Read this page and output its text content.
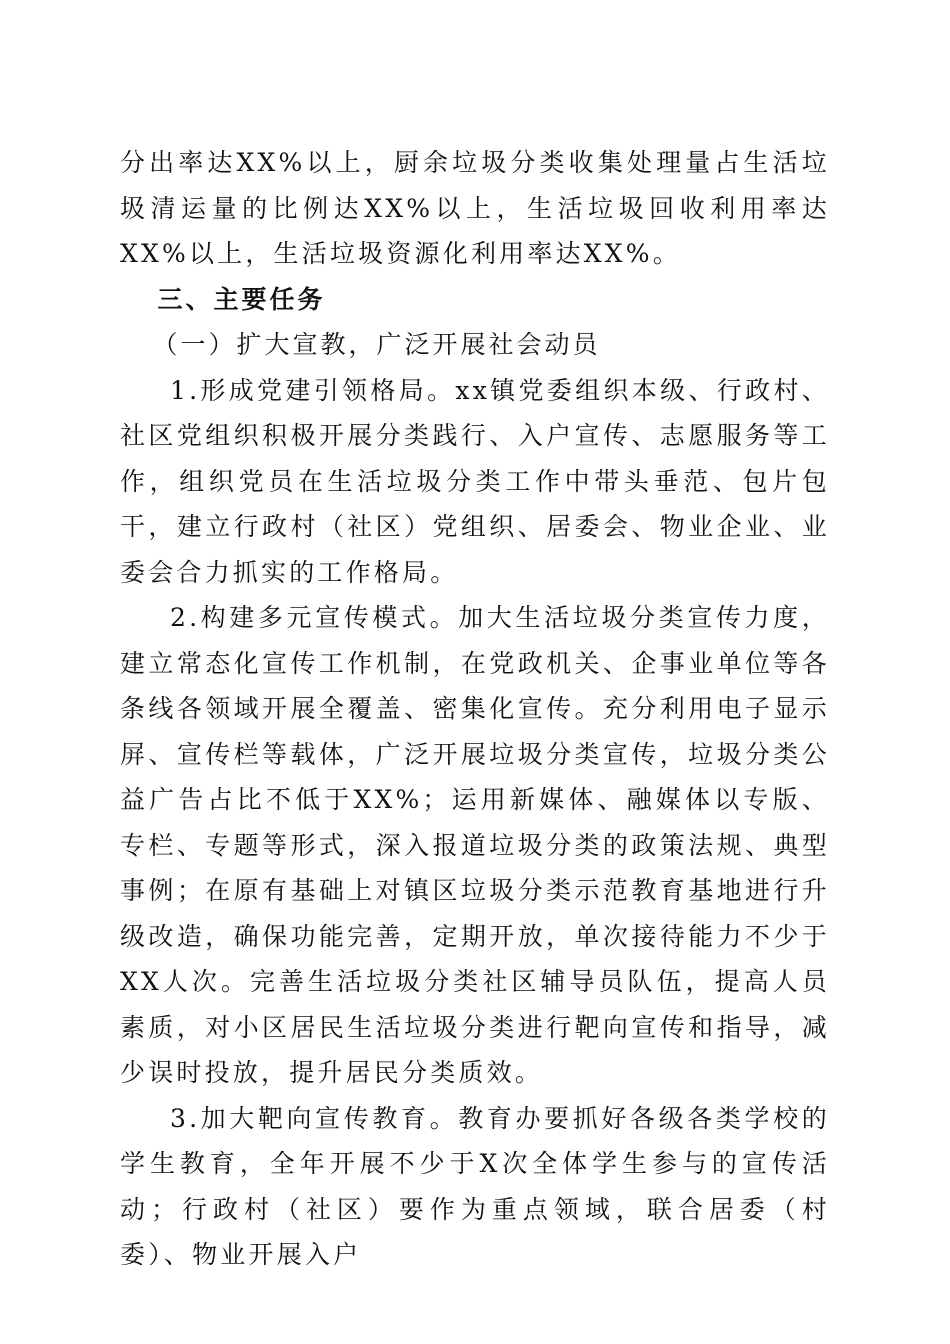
分出率达XX%以上，厨余垃圾分类收集处理量占生活垃圾清运量的比例达XX%以上，生活垃圾回收利用率达XX%以上，生活垃圾资源化利用率达XX%。

三、主要任务

（一）扩大宣教，广泛开展社会动员

1.形成党建引领格局。xx镇党委组织本级、行政村、社区党组织积极开展分类践行、入户宣传、志愿服务等工作，组织党员在生活垃圾分类工作中带头垂范、包片包干，建立行政村（社区）党组织、居委会、物业企业、业委会合力抓实的工作格局。

2.构建多元宣传模式。加大生活垃圾分类宣传力度，建立常态化宣传工作机制，在党政机关、企事业单位等各条线各领域开展全覆盖、密集化宣传。充分利用电子显示屏、宣传栏等载体，广泛开展垃圾分类宣传，垃圾分类公益广告占比不低于XX%；运用新媒体、融媒体以专版、专栏、专题等形式，深入报道垃圾分类的政策法规、典型事例；在原有基础上对镇区垃圾分类示范教育基地进行升级改造，确保功能完善，定期开放，单次接待能力不少于XX人次。完善生活垃圾分类社区辅导员队伍，提高人员素质，对小区居民生活垃圾分类进行靶向宣传和指导，减少误时投放，提升居民分类质效。

3.加大靶向宣传教育。教育办要抓好各级各类学校的学生教育，全年开展不少于X次全体学生参与的宣传活动；行政村（社区）要作为重点领域，联合居委（村委）、物业开展入户
